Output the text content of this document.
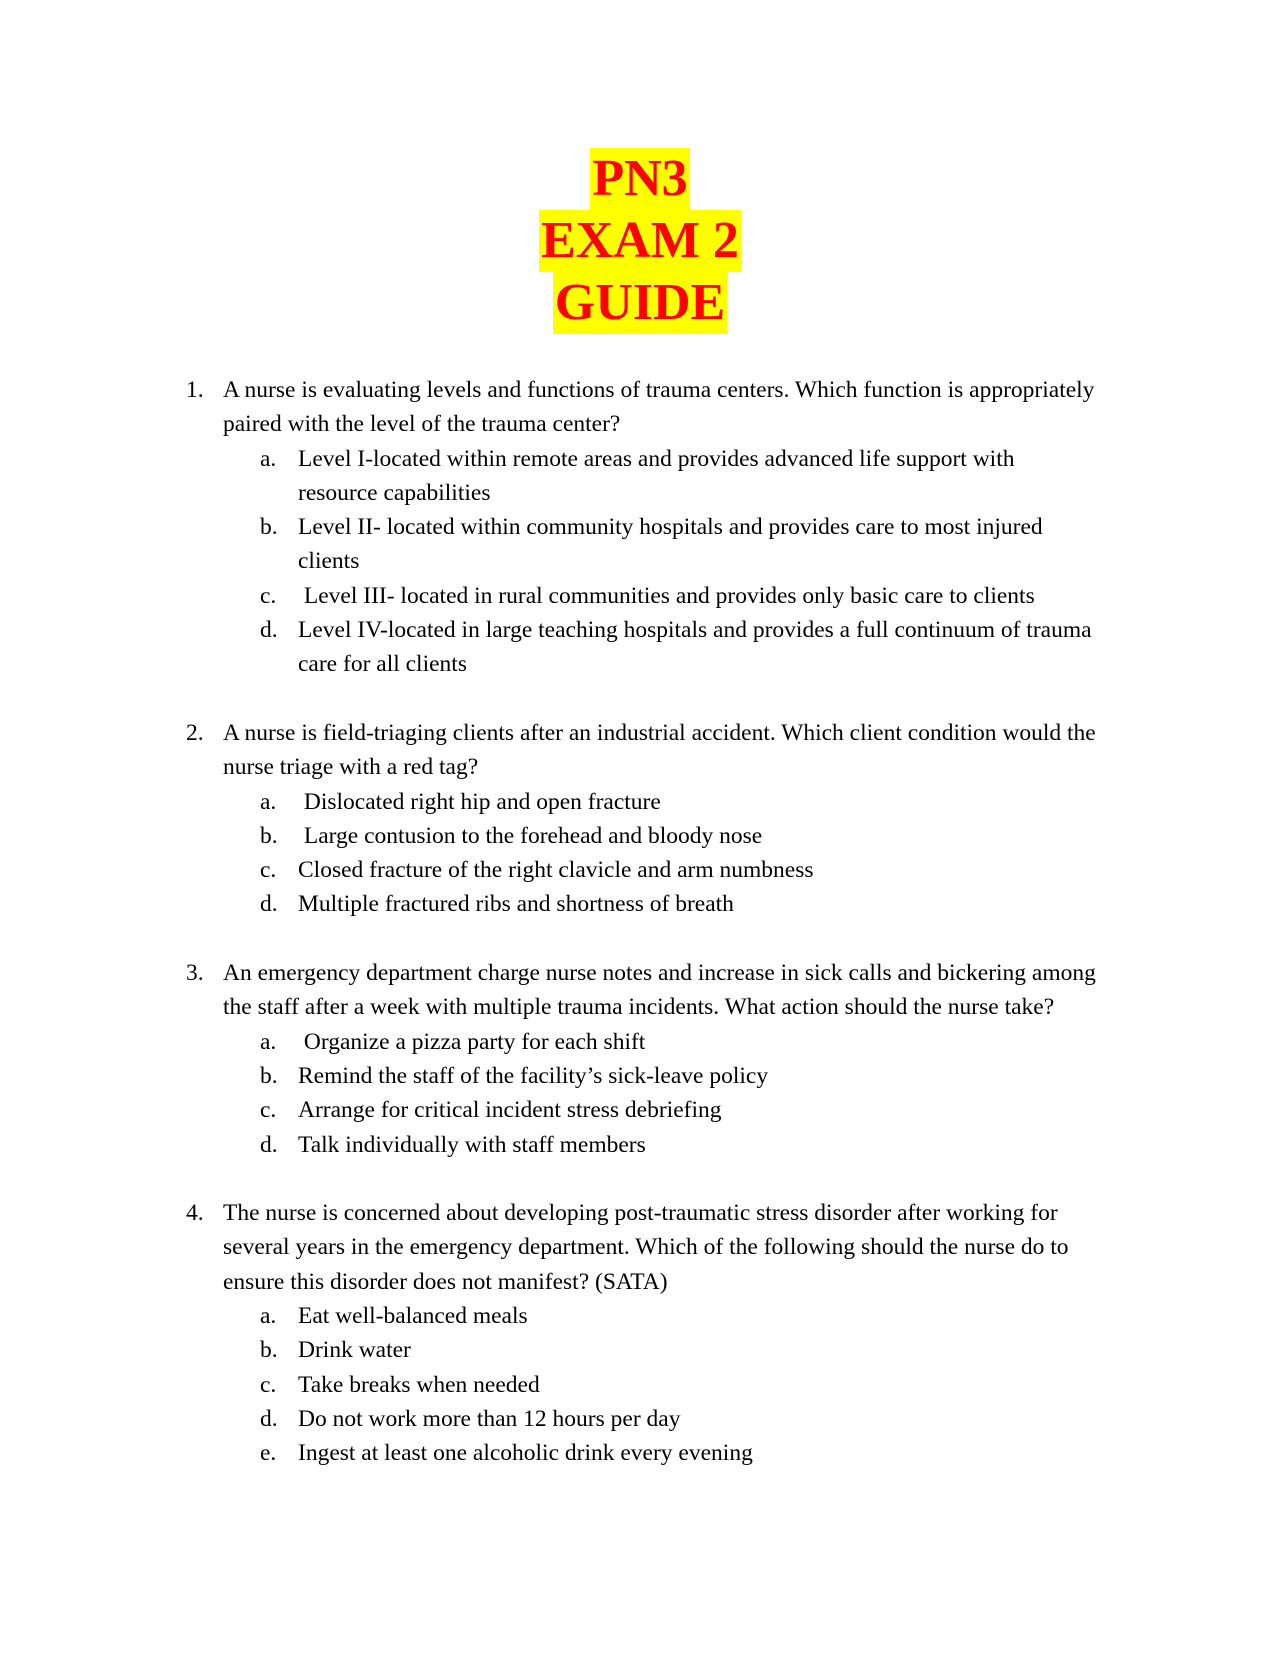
PN3
EXAM 2
GUIDE
1. A nurse is evaluating levels and functions of trauma centers. Which function is appropriately paired with the level of the trauma center?
a. Level I-located within remote areas and provides advanced life support with resource capabilities
b. Level II- located within community hospitals and provides care to most injured clients
c. Level III- located in rural communities and provides only basic care to clients
d. Level IV-located in large teaching hospitals and provides a full continuum of trauma care for all clients
2. A nurse is field-triaging clients after an industrial accident. Which client condition would the nurse triage with a red tag?
a. Dislocated right hip and open fracture
b. Large contusion to the forehead and bloody nose
c. Closed fracture of the right clavicle and arm numbness
d. Multiple fractured ribs and shortness of breath
3. An emergency department charge nurse notes and increase in sick calls and bickering among the staff after a week with multiple trauma incidents. What action should the nurse take?
a. Organize a pizza party for each shift
b. Remind the staff of the facility’s sick-leave policy
c. Arrange for critical incident stress debriefing
d. Talk individually with staff members
4. The nurse is concerned about developing post-traumatic stress disorder after working for several years in the emergency department. Which of the following should the nurse do to ensure this disorder does not manifest? (SATA)
a. Eat well-balanced meals
b. Drink water
c. Take breaks when needed
d. Do not work more than 12 hours per day
e. Ingest at least one alcoholic drink every evening
